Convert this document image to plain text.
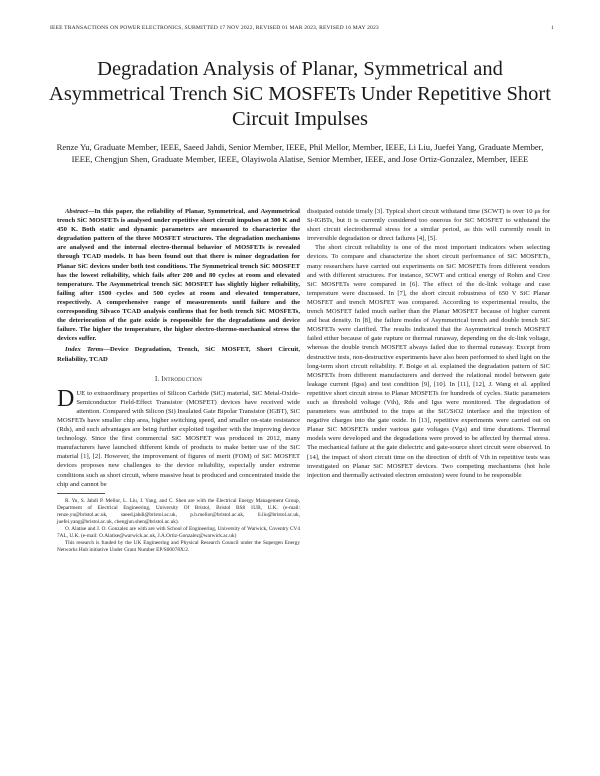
IEEE TRANSACTIONS ON POWER ELECTRONICS, SUBMITTED 17 NOV 2022, REVISED 01 MAR 2023, REVISED 16 MAY 2023	1
Degradation Analysis of Planar, Symmetrical and Asymmetrical Trench SiC MOSFETs Under Repetitive Short Circuit Impulses
Renze Yu, Graduate Member, IEEE, Saeed Jahdi, Senior Member, IEEE, Phil Mellor, Member, IEEE, Li Liu, Juefei Yang, Graduate Member, IEEE, Chengjun Shen, Graduate Member, IEEE, Olayiwola Alatise, Senior Member, IEEE, and Jose Ortiz-Gonzalez, Member, IEEE

Abstract—In this paper, the reliability of Planar, Symmetrical, and Asymmetrical trench SiC MOSFETs is analysed under repetitive short circuit impulses at 300 K and 450 K. Both static and dynamic parameters are measured to characterize the degradation pattern of the three MOSFET structures. The degradation mechanisms are analysed and the internal electro-thermal behavior of MOSFETs is revealed through TCAD models. It has been found out that there is minor degradation for Planar SiC devices under both test conditions. The Symmetrical trench SiC MOSFET has the lowest reliability, which fails after 200 and 80 cycles at room and elevated temperature. The Asymmetrical trench SiC MOSFET has slightly higher reliability, failing after 1500 cycles and 500 cycles at room and elevated temperature, respectively. A comprehensive range of measurements until failure and the corresponding Silvaco TCAD analysis confirms that for both trench SiC MOSFETs, the deterioration of the gate oxide is responsible for the degradations and device failure. The higher the temperature, the higher electro-thermo-mechanical stress the devices suffer.

Index Terms—Device Degradation, Trench, SiC MOSFET, Short Circuit, Reliability, TCAD

I. Introduction

DUE to extraordinary properties of Silicon Carbide (SiC) material, SiC Metal-Oxide-Semiconductor Field-Effect Transistor (MOSFET) devices have received wide attention. Compared with Silicon (Si) Insulated Gate Bipolar Transistor (IGBT), SiC MOSFETs have smaller chip area, higher switching speed, and smaller on-state resistance (Rds), and such advantages are being further exploited together with the improving device technology. Since the first commercial SiC MOSFET was produced in 2012, many manufacturers have launched different kinds of products to make better use of the SiC material [1], [2]. However, the improvement of figures of merit (FOM) of SiC MOSFET devices proposes new challenges to the device reliability, especially under extreme conditions such as short circuit, where massive heat is produced and concentrated inside the chip and cannot be

R. Yu, S. Jahdi P. Mellor, L. Liu, J. Yang, and C. Shen are with the Electrical Energy Management Group, Department of Electrical Engineering, University Of Bristol, Bristol BS8 1UB, U.K. (e-mail: renze.yu@bristol.ac.uk, saeed.jahdi@bristol.ac.uk, p.h.mellor@bristol.ac.uk, li.liu@bristol.ac.uk, juefei.yang@bristol.ac.uk, chengjun.shen@bristol.ac.uk).

O. Alatise and J. O. Gonzalez are with are with School of Engineering, University of Warwick, Coventry CV4 7AL, U.K. (e-mail: O.Alatise@warwick.ac.uk, J.A.Ortiz-Gonzalez@warwick.ac.uk)

This research is funded by the UK Engineering and Physical Research Council under the Supergen Energy Networks Hub initiative Under Grant Number EP/S00078X/2.

dissipated outside timely [3]. Typical short circuit withstand time (SCWT) is over 10 μs for Si-IGBTs, but it is currently considered too onerous for SiC MOSFET to withstand the short circuit electrothermal stress for a similar period, as this will currently result in irreversible degradation or direct failures [4], [5].

The short circuit reliability is one of the most important indicators when selecting devices. To compare and characterize the short circuit performance of SiC MOSFETs, many researchers have carried out experiments on SiC MOSFETs from different vendors and with different structures. For instance, SCWT and critical energy of Rohm and Cree SiC MOSFETs were compared in [6]. The effect of the dc-link voltage and case temperature were discussed. In [7], the short circuit robustness of 650 V SiC Planar MOSFET and trench MOSFET was compared. According to experimental results, the trench MOSFET failed much earlier than the Planar MOSFET because of higher current and heat density. In [8], the failure modes of Asymmetrical trench and double trench SiC MOSFETs were clarified. The results indicated that the Asymmetrical trench MOSFET failed either because of gate rupture or thermal runaway, depending on the dc-link voltage, whereas the double trench MOSFET always failed due to thermal runaway. Except from destructive tests, non-destructive experiments have also been performed to shed light on the long-term short circuit reliability. F. Boige et al. explained the degradation pattern of SiC MOSFETs from different manufacturers and derived the relational model between gate leakage current (Igss) and test condition [9], [10]. In [11], [12], J. Wang et al. applied repetitive short circuit stress to Planar MOSFETs for hundreds of cycles. Static parameters such as threshold voltage (Vth), Rds and Igss were monitored. The degradation of parameters was attributed to the traps at the SiC/SiO2 interface and the injection of negative charges into the gate oxide. In [13], repetitive experiments were carried out on Planar SiC MOSFETs under various gate voltages (Vgs) and time durations. Thermal models were developed and the degradations were proved to be affected by thermal stress. The mechanical failure at the gate dielectric and gate-source short circuit were observed. In [14], the impact of short circuit time on the direction of drift of Vth in repetitive tests was investigated on Planar SiC MOSFET devices. Two competing mechanisms (hot hole injection and thermally activated electron emission) were found to be responsible
